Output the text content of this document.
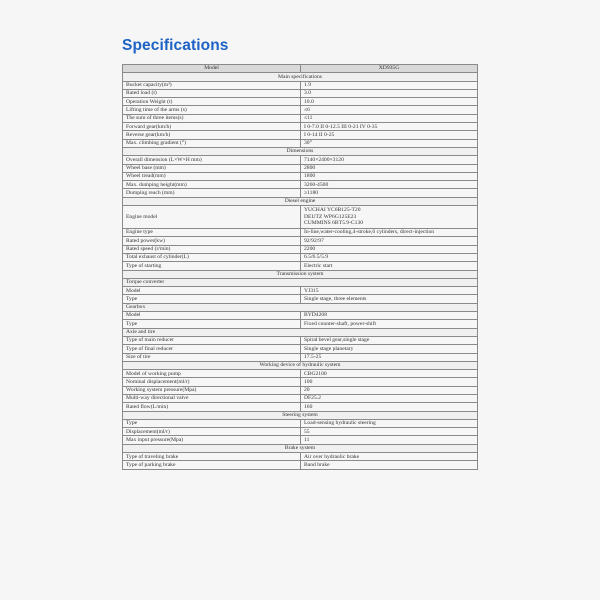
Specifications
Model	XD935G
Main specifications	
Bucket capacity(m³)	1.9
Rated load (t)	3.0
Operation Weight (t)	10.0
Lifting time of the arms (s)	≤6
The sum of three items(s)	≤11
Forward gear(km/h)	I 0-7.0 II 0-12.5 III 0-21 IV 0-35
Reverse gear(km/h)	I 0-14 II 0-25
Max. climbing gradient (°)	30°
Dimensions	
Overall dimension (L×W×H mm)	7140×2400×3120
Wheel base (mm)	2800
Wheel tread(mm)	1800
Max. dumping height(mm)	3260-4500
Dumping reach (mm)	≥1180
Diesel engine	
Engine model	YUCHAI YC6B125-T20
DEUTZ WP6G125E23
CUMMINS 6BT5.9-C130
Engine type	In-line,water-cooling,4-stroke,6 cylinders, direct-injection
Rated power(kw)	92/92/97
Rated speed (r/min)	2200
Total exhaust of cylinder(L)	6.5/6.5/5.9
Type of starting	Electric start
Transmission system	
Torque converter	
Model	YJ315
Type	Single stage, three elements
Gearbox	
Model	BYD4208
Type	Fixed counter-shaft, power-shift
Axle and tire	
Type of main reducer	Spiral bevel gear,single stage
Type of final reducer	Single stage planetary
Size of tire	17.5-25
Working device of hydraulic system	
Model of working pump	CBG2100
Nominal displacement(ml/r)	100
Working system pressure(Mpa)	20
Multi-way directional valve	DF25.2
Rated flow(L/min)	160
Steering system	
Type	Load-sensing hydraulic steering
Displacement(ml/r)	55
Max input pressure(Mpa)	11
Brake system	
Type of traveling brake	Air over hydraulic brake
Type of parking brake	Band brake
